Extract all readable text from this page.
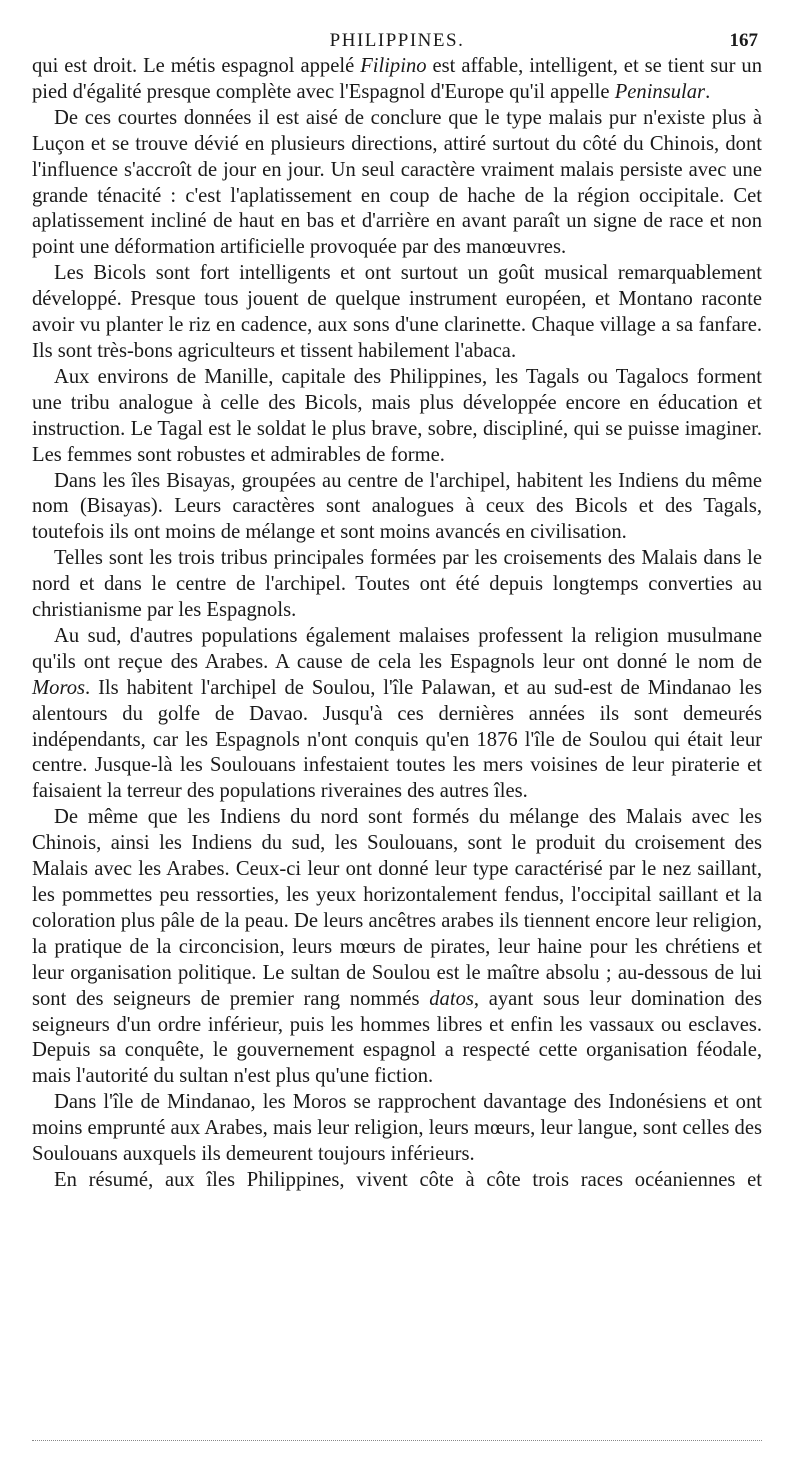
PHILIPPINES.	167

qui est droit. Le métis espagnol appelé Filipino est affable, intelligent, et se tient sur un pied d'égalité presque complète avec l'Espagnol d'Europe qu'il appelle Peninsular.

De ces courtes données il est aisé de conclure que le type malais pur n'existe plus à Luçon et se trouve dévié en plusieurs directions, attiré surtout du côté du Chinois, dont l'influence s'accroît de jour en jour. Un seul caractère vraiment malais persiste avec une grande ténacité : c'est l'aplatissement en coup de hache de la région occipitale. Cet aplatissement incliné de haut en bas et d'arrière en avant paraît un signe de race et non point une déformation artificielle provoquée par des manœuvres.

Les Bicols sont fort intelligents et ont surtout un goût musical remarquablement développé. Presque tous jouent de quelque instrument européen, et Montano raconte avoir vu planter le riz en cadence, aux sons d'une clarinette. Chaque village a sa fanfare. Ils sont très-bons agriculteurs et tissent habilement l'abaca.

Aux environs de Manille, capitale des Philippines, les Tagals ou Tagalocs forment une tribu analogue à celle des Bicols, mais plus développée encore en éducation et instruction. Le Tagal est le soldat le plus brave, sobre, discipliné, qui se puisse imaginer. Les femmes sont robustes et admirables de forme.

Dans les îles Bisayas, groupées au centre de l'archipel, habitent les Indiens du même nom (Bisayas). Leurs caractères sont analogues à ceux des Bicols et des Tagals, toutefois ils ont moins de mélange et sont moins avancés en civilisation.

Telles sont les trois tribus principales formées par les croisements des Malais dans le nord et dans le centre de l'archipel. Toutes ont été depuis longtemps converties au christianisme par les Espagnols.

Au sud, d'autres populations également malaises professent la religion musulmane qu'ils ont reçue des Arabes. A cause de cela les Espagnols leur ont donné le nom de Moros. Ils habitent l'archipel de Soulou, l'île Palawan, et au sud-est de Mindanao les alentours du golfe de Davao. Jusqu'à ces dernières années ils sont demeurés indépendants, car les Espagnols n'ont conquis qu'en 1876 l'île de Soulou qui était leur centre. Jusque-là les Soulouans infestaient toutes les mers voisines de leur piraterie et faisaient la terreur des populations riveraines des autres îles.

De même que les Indiens du nord sont formés du mélange des Malais avec les Chinois, ainsi les Indiens du sud, les Soulouans, sont le produit du croisement des Malais avec les Arabes. Ceux-ci leur ont donné leur type caractérisé par le nez saillant, les pommettes peu ressorties, les yeux horizontalement fendus, l'occipital saillant et la coloration plus pâle de la peau. De leurs ancêtres arabes ils tiennent encore leur religion, la pratique de la circoncision, leurs mœurs de pirates, leur haine pour les chrétiens et leur organisation politique. Le sultan de Soulou est le maître absolu ; au-dessous de lui sont des seigneurs de premier rang nommés datos, ayant sous leur domination des seigneurs d'un ordre inférieur, puis les hommes libres et enfin les vassaux ou esclaves. Depuis sa conquête, le gouvernement espagnol a respecté cette organisation féodale, mais l'autorité du sultan n'est plus qu'une fiction.

Dans l'île de Mindanao, les Moros se rapprochent davantage des Indonésiens et ont moins emprunté aux Arabes, mais leur religion, leurs mœurs, leur langue, sont celles des Soulouans auxquels ils demeurent toujours inférieurs.

En résumé, aux îles Philippines, vivent côte à côte trois races océaniennes et
